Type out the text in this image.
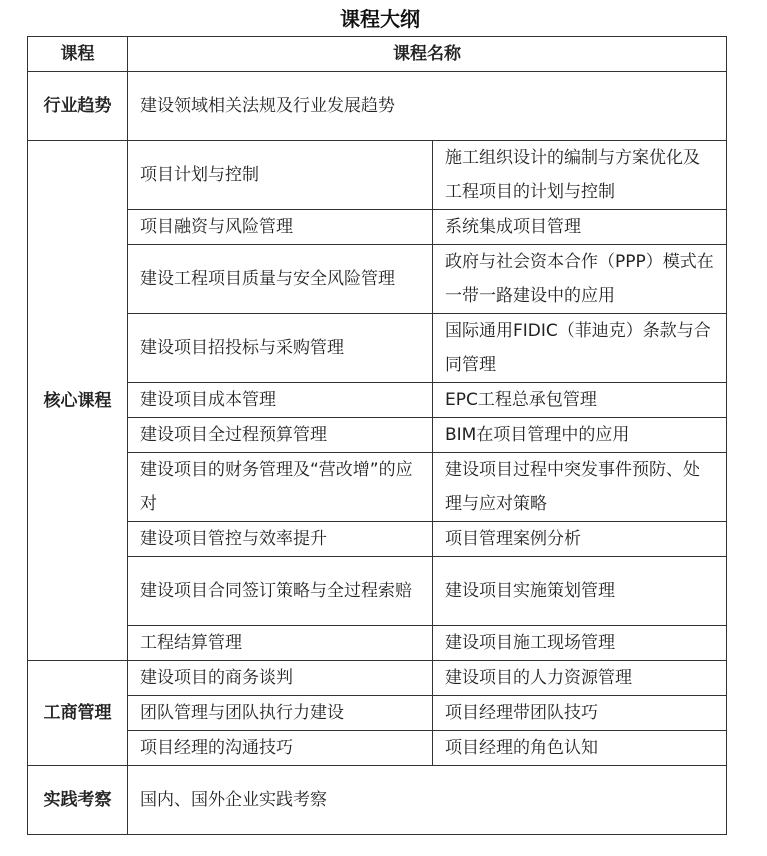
课程大纲
课程	课程名称	
行业趋势	建设领域相关法规及行业发展趋势	
核心课程	项目计划与控制	施工组织设计的编制与方案优化及工程项目的计划与控制
	项目融资与风险管理	系统集成项目管理
	建设工程项目质量与安全风险管理	政府与社会资本合作（PPP）模式在一带一路建设中的应用
	建设项目招投标与采购管理	国际通用FIDIC（菲迪克）条款与合同管理
	建设项目成本管理	EPC工程总承包管理
	建设项目全过程预算管理	BIM在项目管理中的应用
	建设项目的财务管理及“营改增”的应对	建设项目过程中突发事件预防、处理与应对策略
	建设项目管控与效率提升	项目管理案例分析
	建设项目合同签订策略与全过程索赔	建设项目实施策划管理
	工程结算管理	建设项目施工现场管理
工商管理	建设项目的商务谈判	建设项目的人力资源管理
	团队管理与团队执行力建设	项目经理带团队技巧
	项目经理的沟通技巧	项目经理的角色认知
实践考察	国内、国外企业实践考察	
